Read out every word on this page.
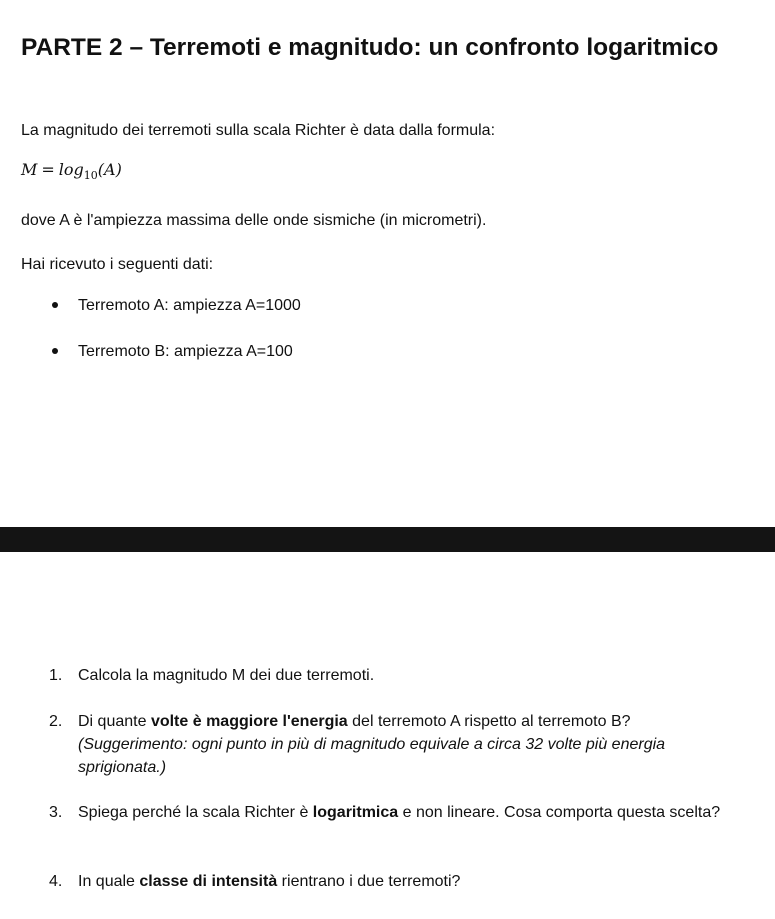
PARTE 2 – Terremoti e magnitudo: un confronto logaritmico

La magnitudo dei terremoti sulla scala Richter è data dalla formula:

$M = \log_{10}(A)$

dove A è l'ampiezza massima delle onde sismiche (in micrometri).

Hai ricevuto i seguenti dati:

Terremoto A: ampiezza A=1000
Terremoto B: ampiezza A=100
1. Calcola la magnitudo M dei due terremoti.
2. Di quante volte è maggiore l'energia del terremoto A rispetto al terremoto B?
(Suggerimento: ogni punto in più di magnitudo equivale a circa 32 volte più energia sprigionata.)
3. Spiega perché la scala Richter è logaritmica e non lineare. Cosa comporta questa scelta?
4. In quale classe di intensità rientrano i due terremoti?
